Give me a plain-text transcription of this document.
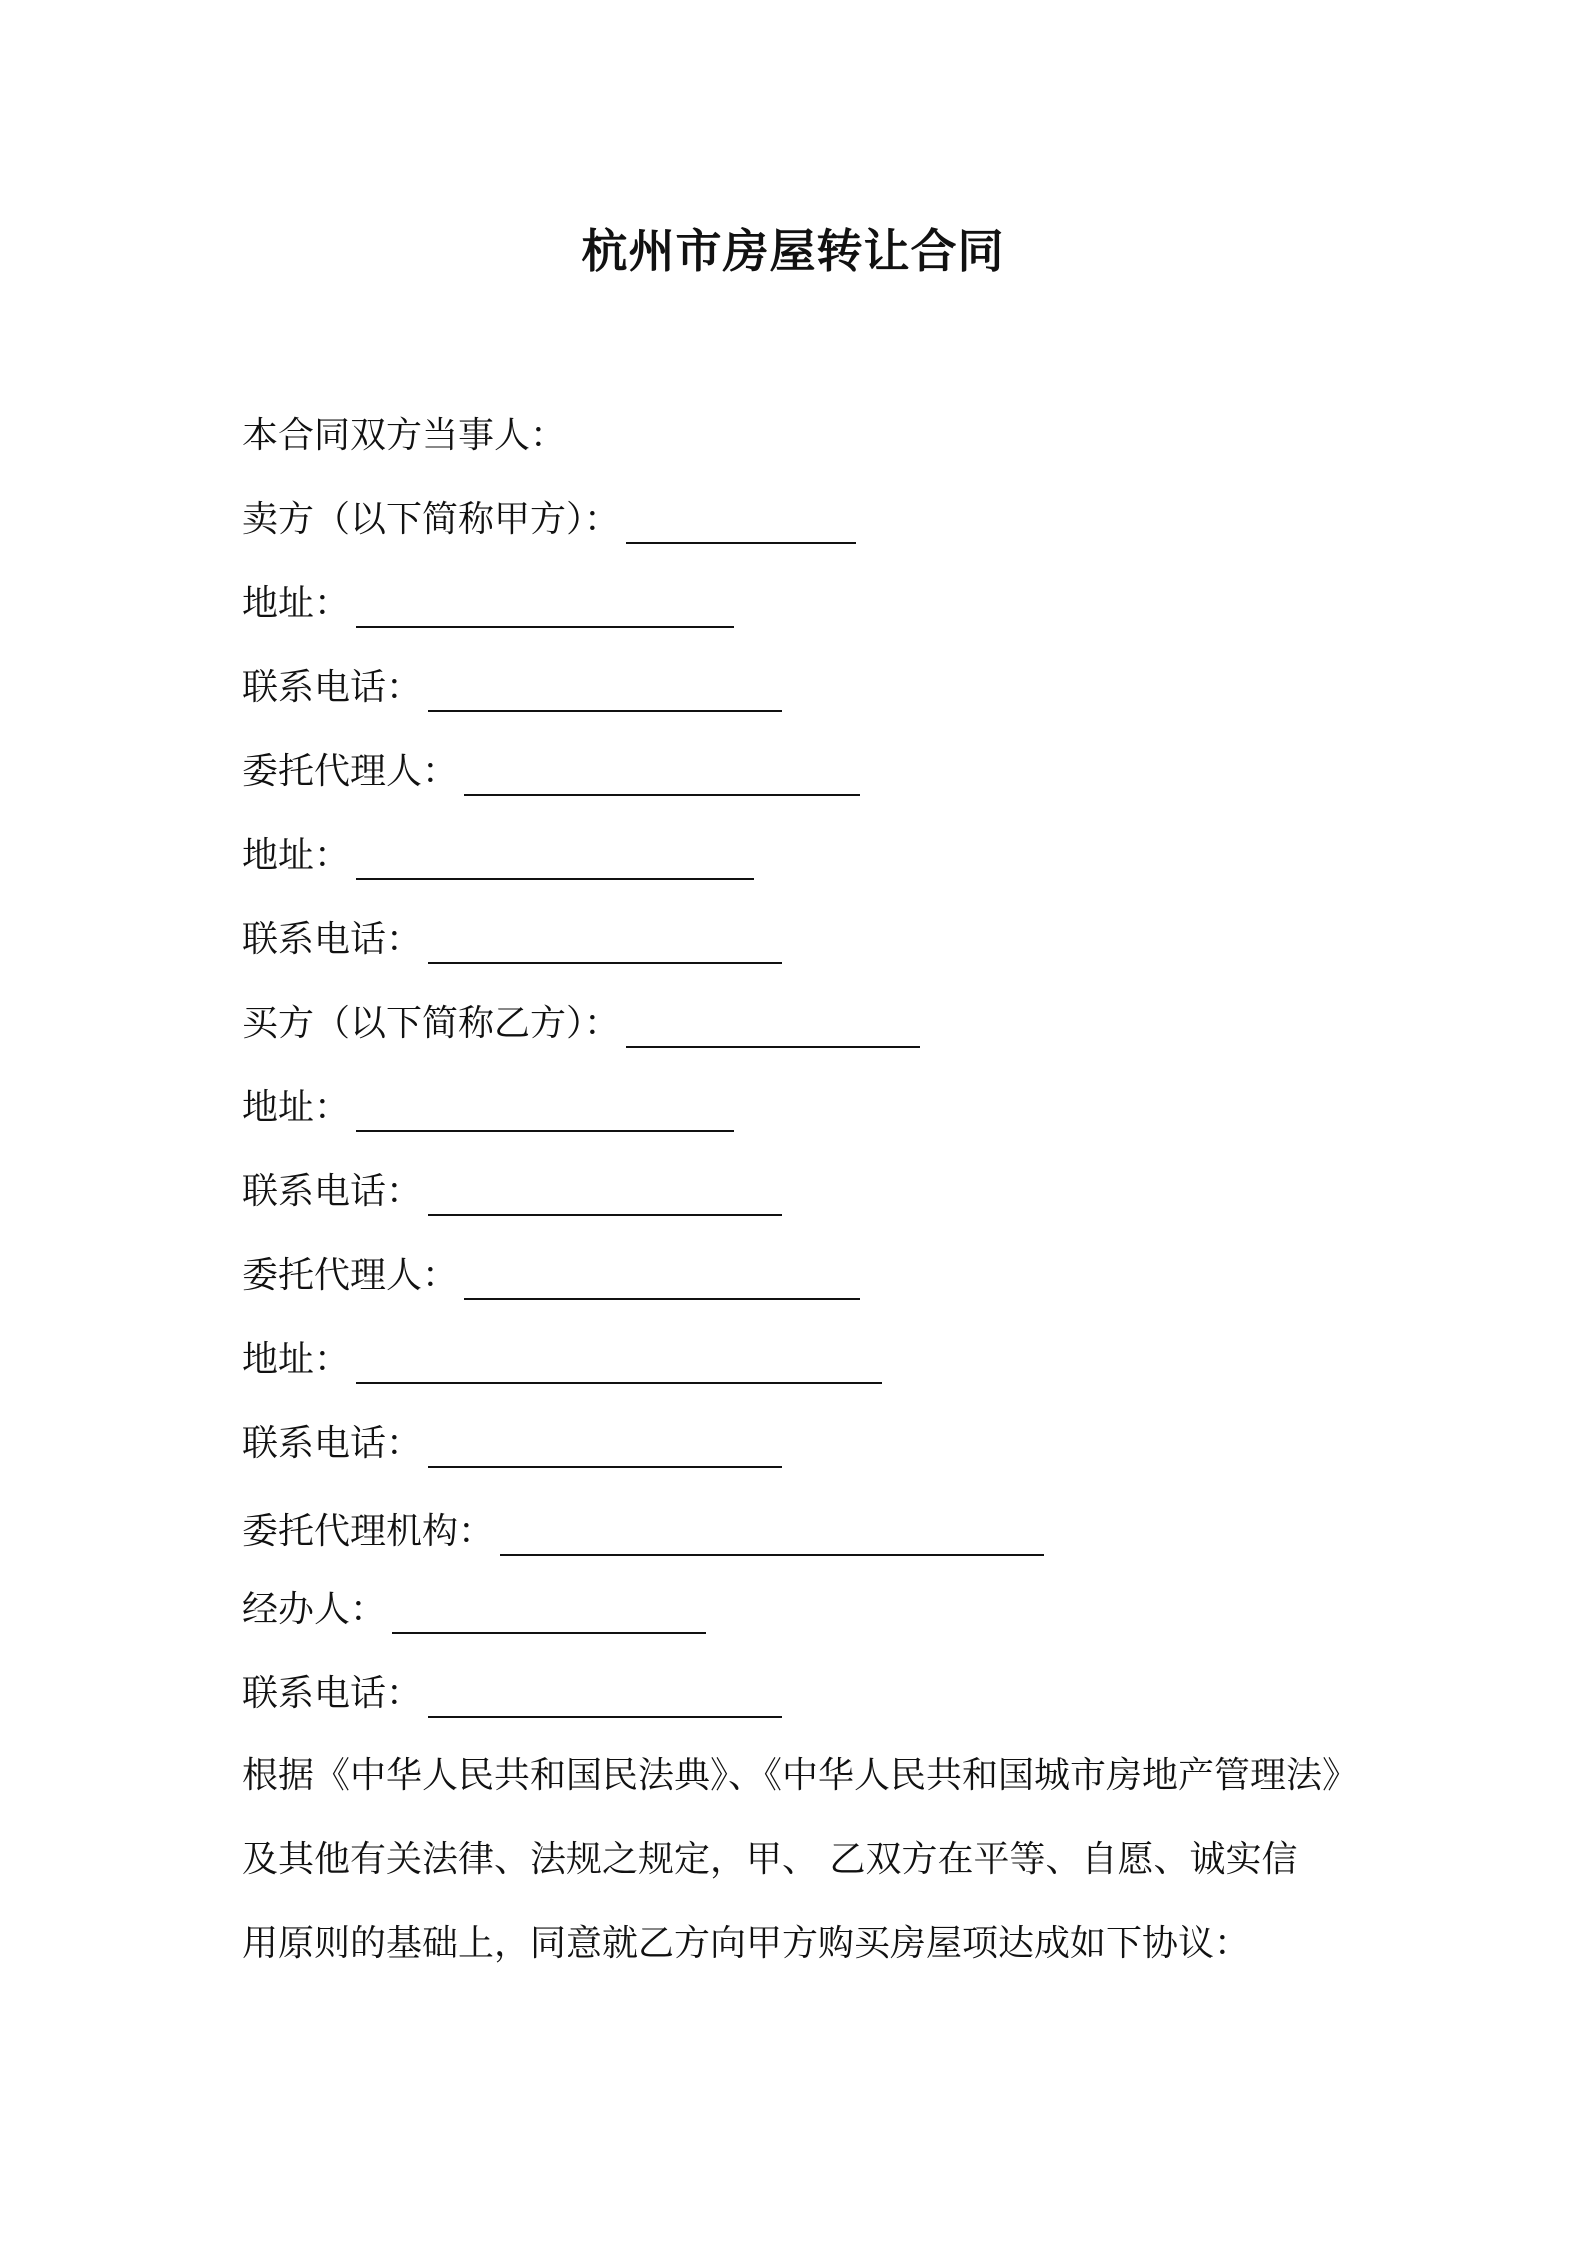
杭州市房屋转让合同
本合同双方当事人：
卖方（以下简称甲方）：
地址：
联系电话：
委托代理人：
地址：
联系电话：
买方（以下简称乙方）：
地址：
联系电话：
委托代理人：
地址：
联系电话：
委托代理机构：
经办人：
联系电话：
根据《中华人民共和国民法典》、《中华人民共和国城市房地产管理法》
及其他有关法律、法规之规定，甲、 乙双方在平等、自愿、诚实信
用原则的基础上，同意就乙方向甲方购买房屋项达成如下协议：
